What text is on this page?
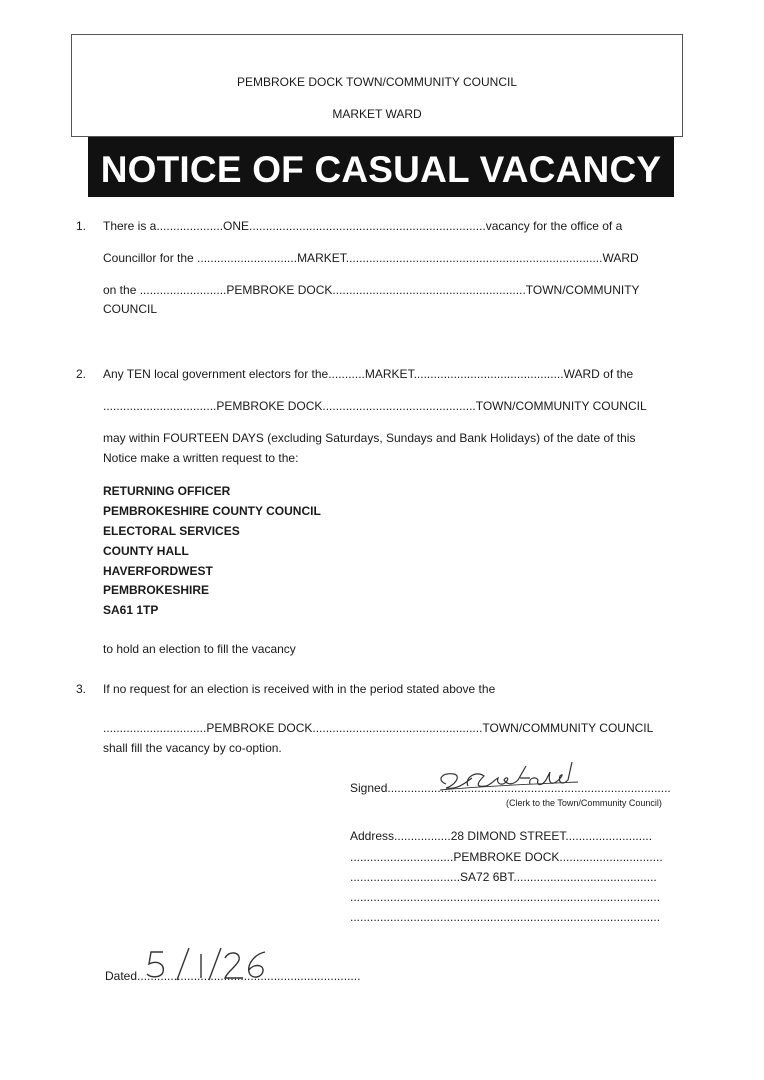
PEMBROKE DOCK TOWN/COMMUNITY COUNCIL
MARKET WARD
NOTICE OF CASUAL VACANCY
1. There is a....................ONE.......................................................................vacancy for the office of a
Councillor for the ..............................MARKET.............................................................................WARD
on the ..........................PEMBROKE DOCK..........................................................TOWN/COMMUNITY
COUNCIL
2. Any TEN local government electors for the...........MARKET.............................................WARD of the
..................................PEMBROKE DOCK..............................................TOWN/COMMUNITY COUNCIL
may within FOURTEEN DAYS (excluding Saturdays, Sundays and Bank Holidays) of the date of this
Notice make a written request to the:
RETURNING OFFICER
PEMBROKESHIRE COUNTY COUNCIL
ELECTORAL SERVICES
COUNTY HALL
HAVERFORDWEST
PEMBROKESHIRE
SA61 1TP
to hold an election to fill the vacancy
3. If no request for an election is received with in the period stated above the
...............................PEMBROKE DOCK...................................................TOWN/COMMUNITY COUNCIL
shall fill the vacancy by co-option.
Signed.....................................................................................
(Clerk to the Town/Community Council)
Address.................28 DIMOND STREET..........................
...............................PEMBROKE DOCK...............................
.................................SA72 6BT...........................................
.............................................................................................
.............................................................................................
Dated...................................................................
